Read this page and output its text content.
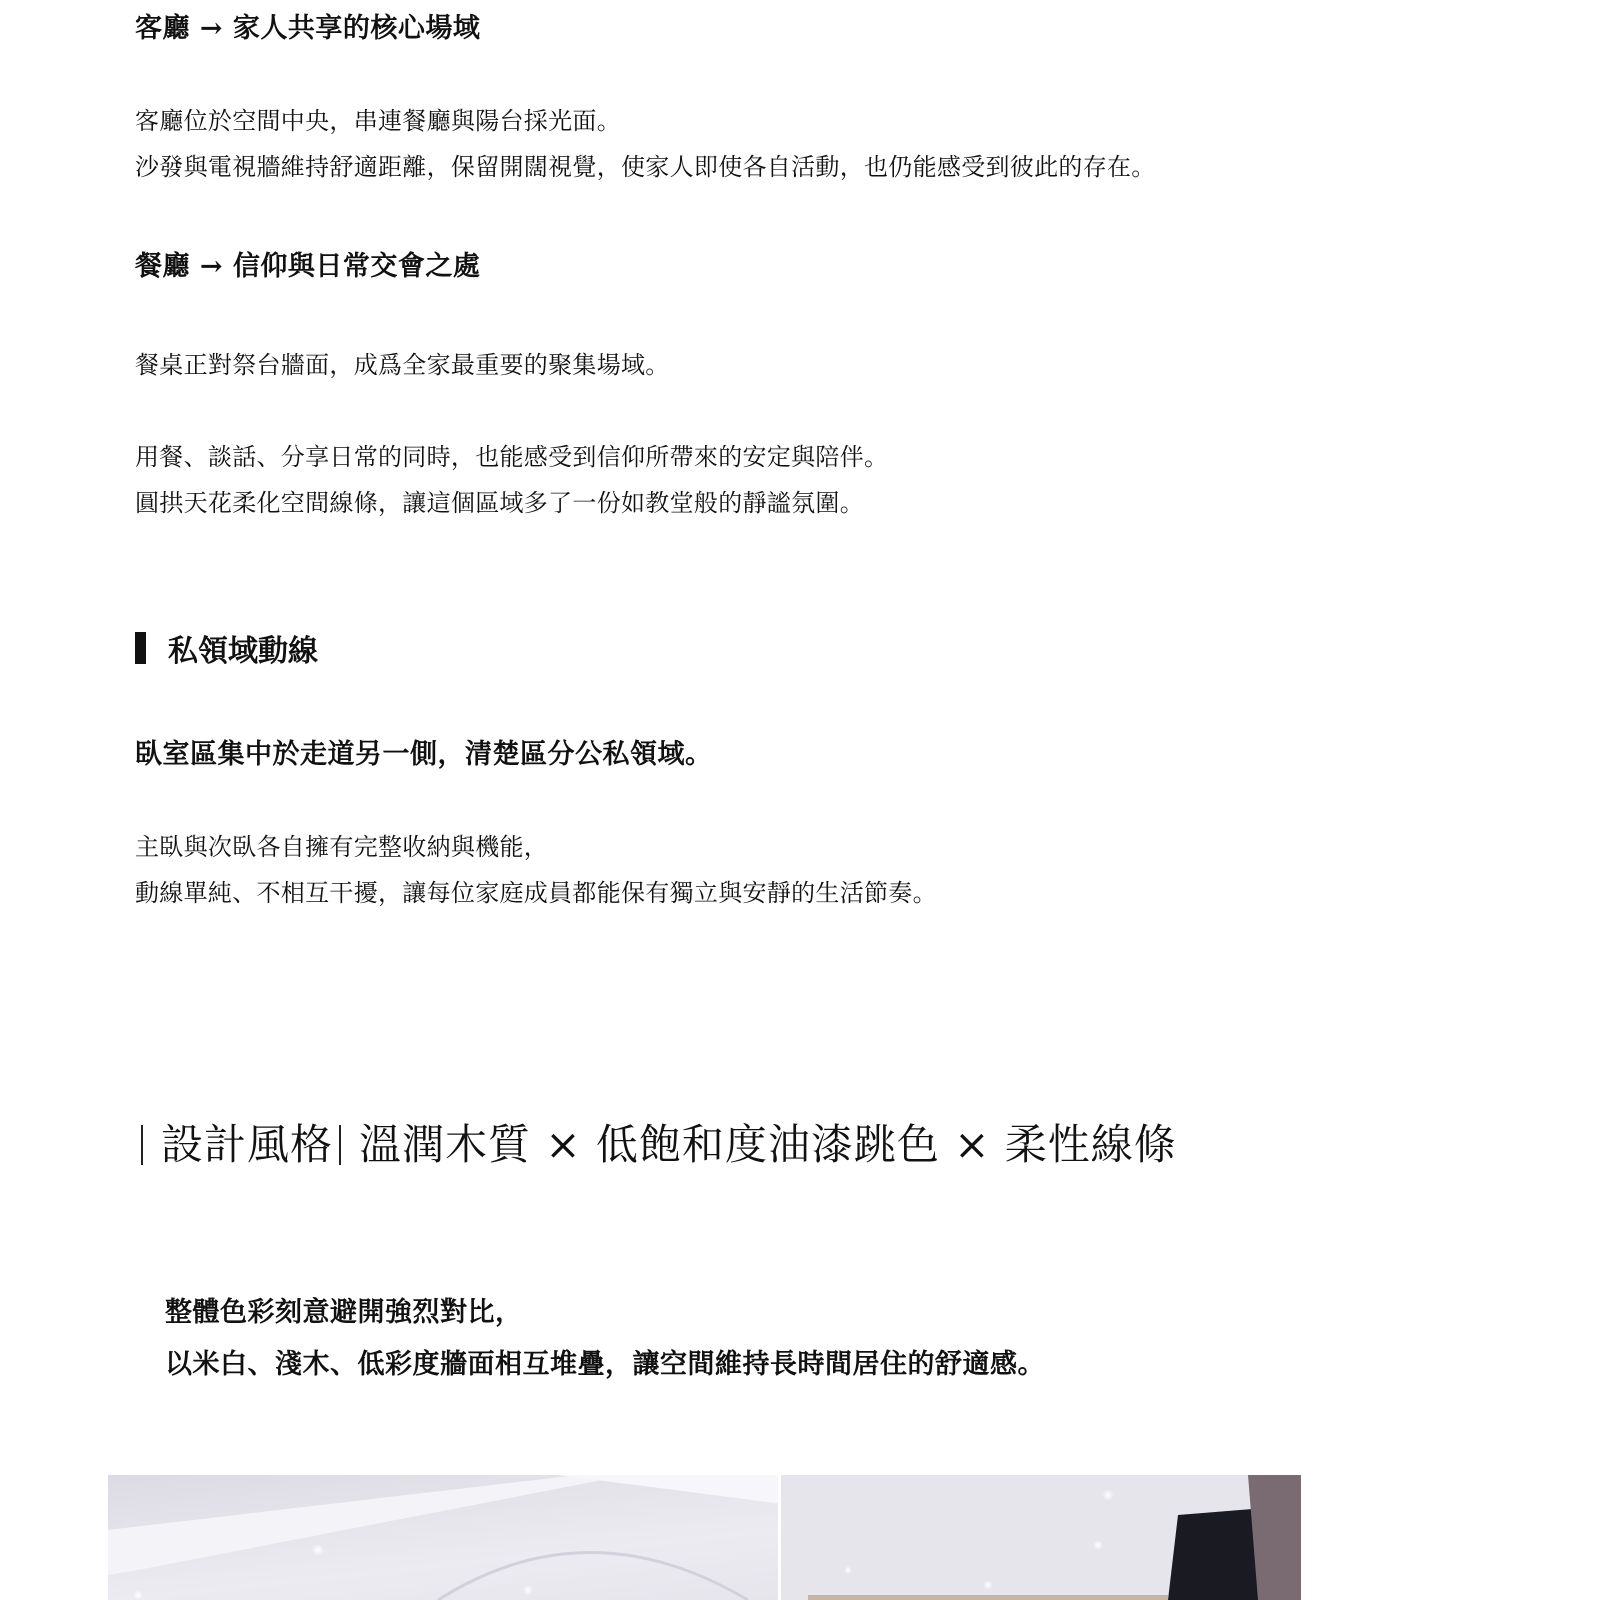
客廳 → 家人共享的核心場域
客廳位於空間中央，串連餐廳與陽台採光面。
沙發與電視牆維持舒適距離，保留開闊視覺，使家人即使各自活動，也仍能感受到彼此的存在。
餐廳 → 信仰與日常交會之處
餐桌正對祭台牆面，成爲全家最重要的聚集場域。
用餐、談話、分享日常的同時，也能感受到信仰所帶來的安定與陪伴。
圓拱天花柔化空間線條，讓這個區域多了一份如教堂般的靜謐氛圍。
私領域動線

臥室區集中於走道另一側，清楚區分公私領域。

主臥與次臥各自擁有完整收納與機能，
動線單純、不相互干擾，讓每位家庭成員都能保有獨立與安靜的生活節奏。
設計風格 溫潤木質 × 低飽和度油漆跳色 × 柔性線條
整體色彩刻意避開強烈對比，
以米白、淺木、低彩度牆面相互堆疊，讓空間維持長時間居住的舒適感。
